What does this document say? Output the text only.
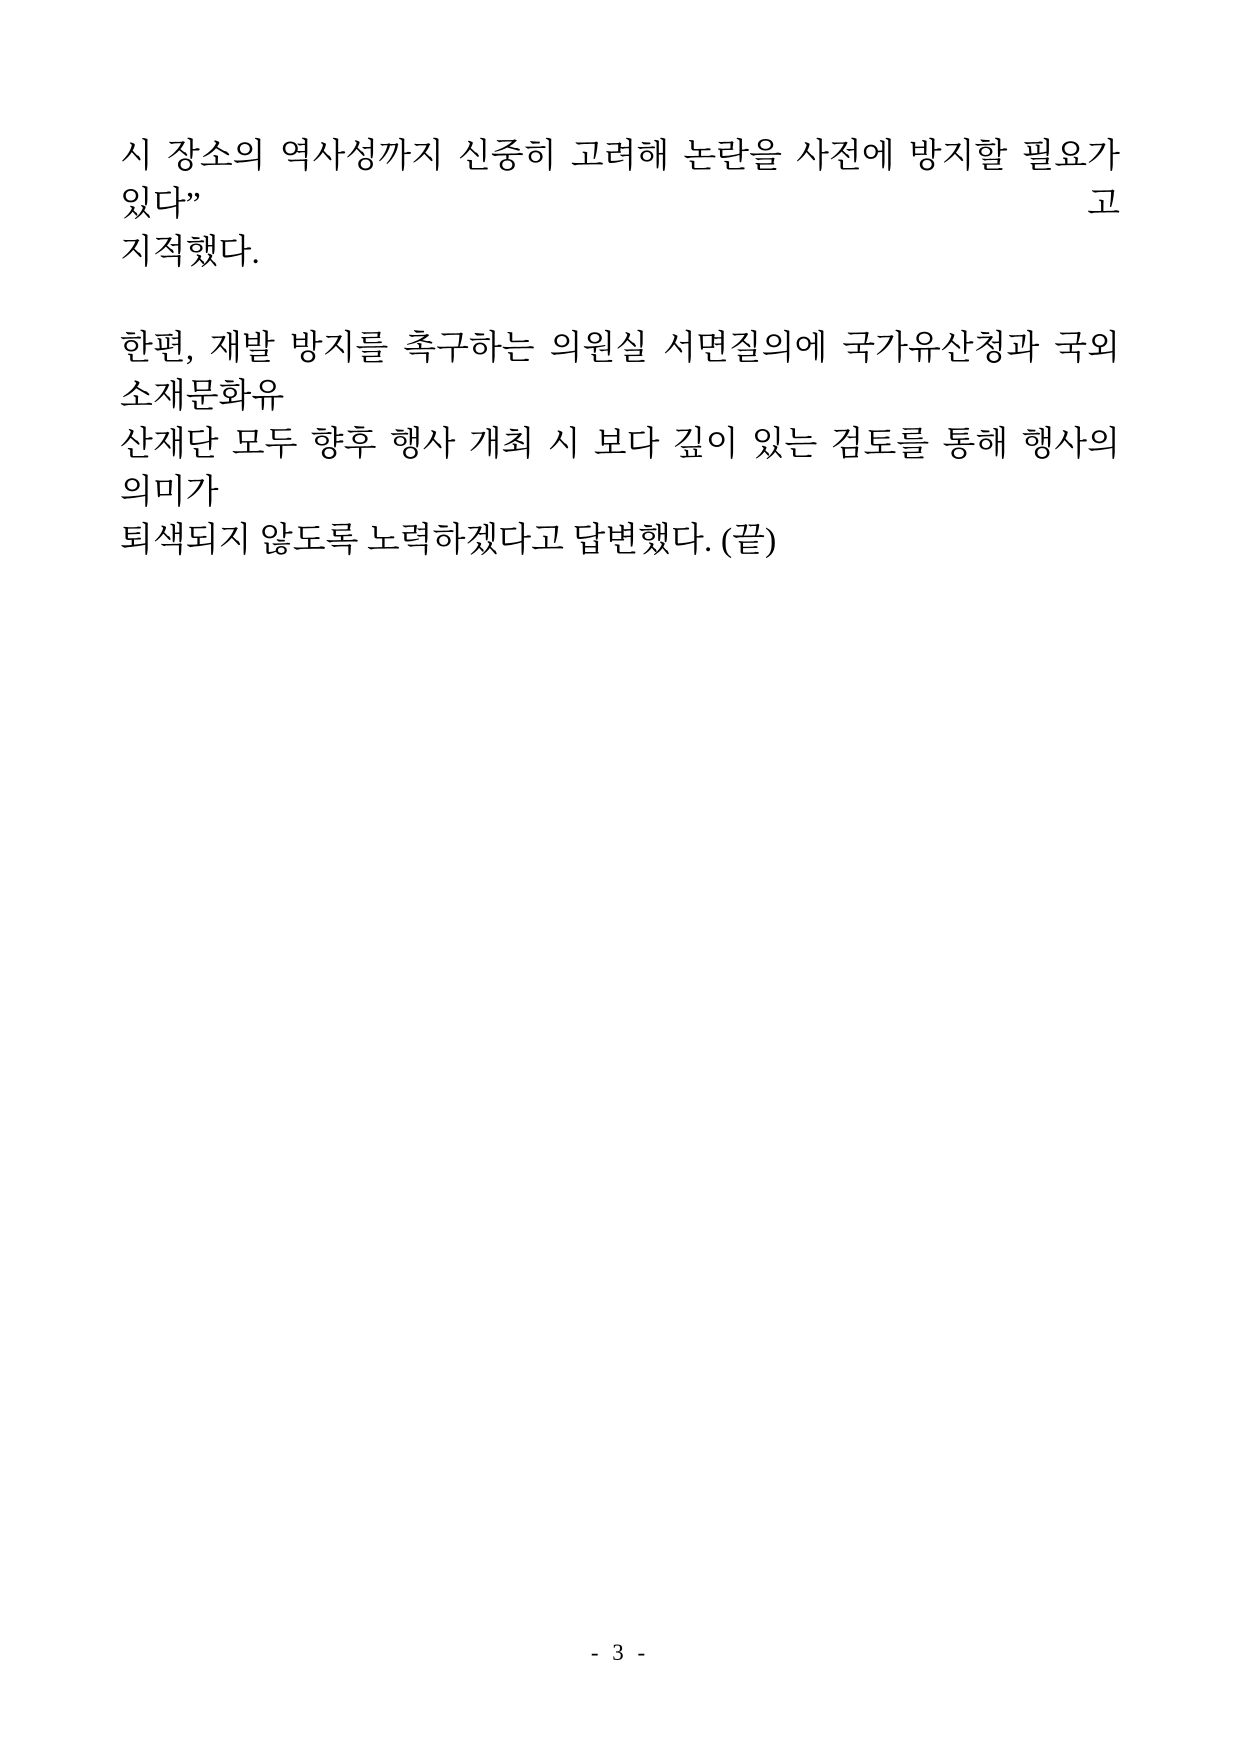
시 장소의 역사성까지 신중히 고려해 논란을 사전에 방지할 필요가 있다” 고
지적했다.
한편, 재발 방지를 촉구하는 의원실 서면질의에 국가유산청과 국외소재문화유
산재단 모두 향후 행사 개최 시 보다 깊이 있는 검토를 통해 행사의 의미가
퇴색되지 않도록 노력하겠다고 답변했다. (끝)
- 3 -
